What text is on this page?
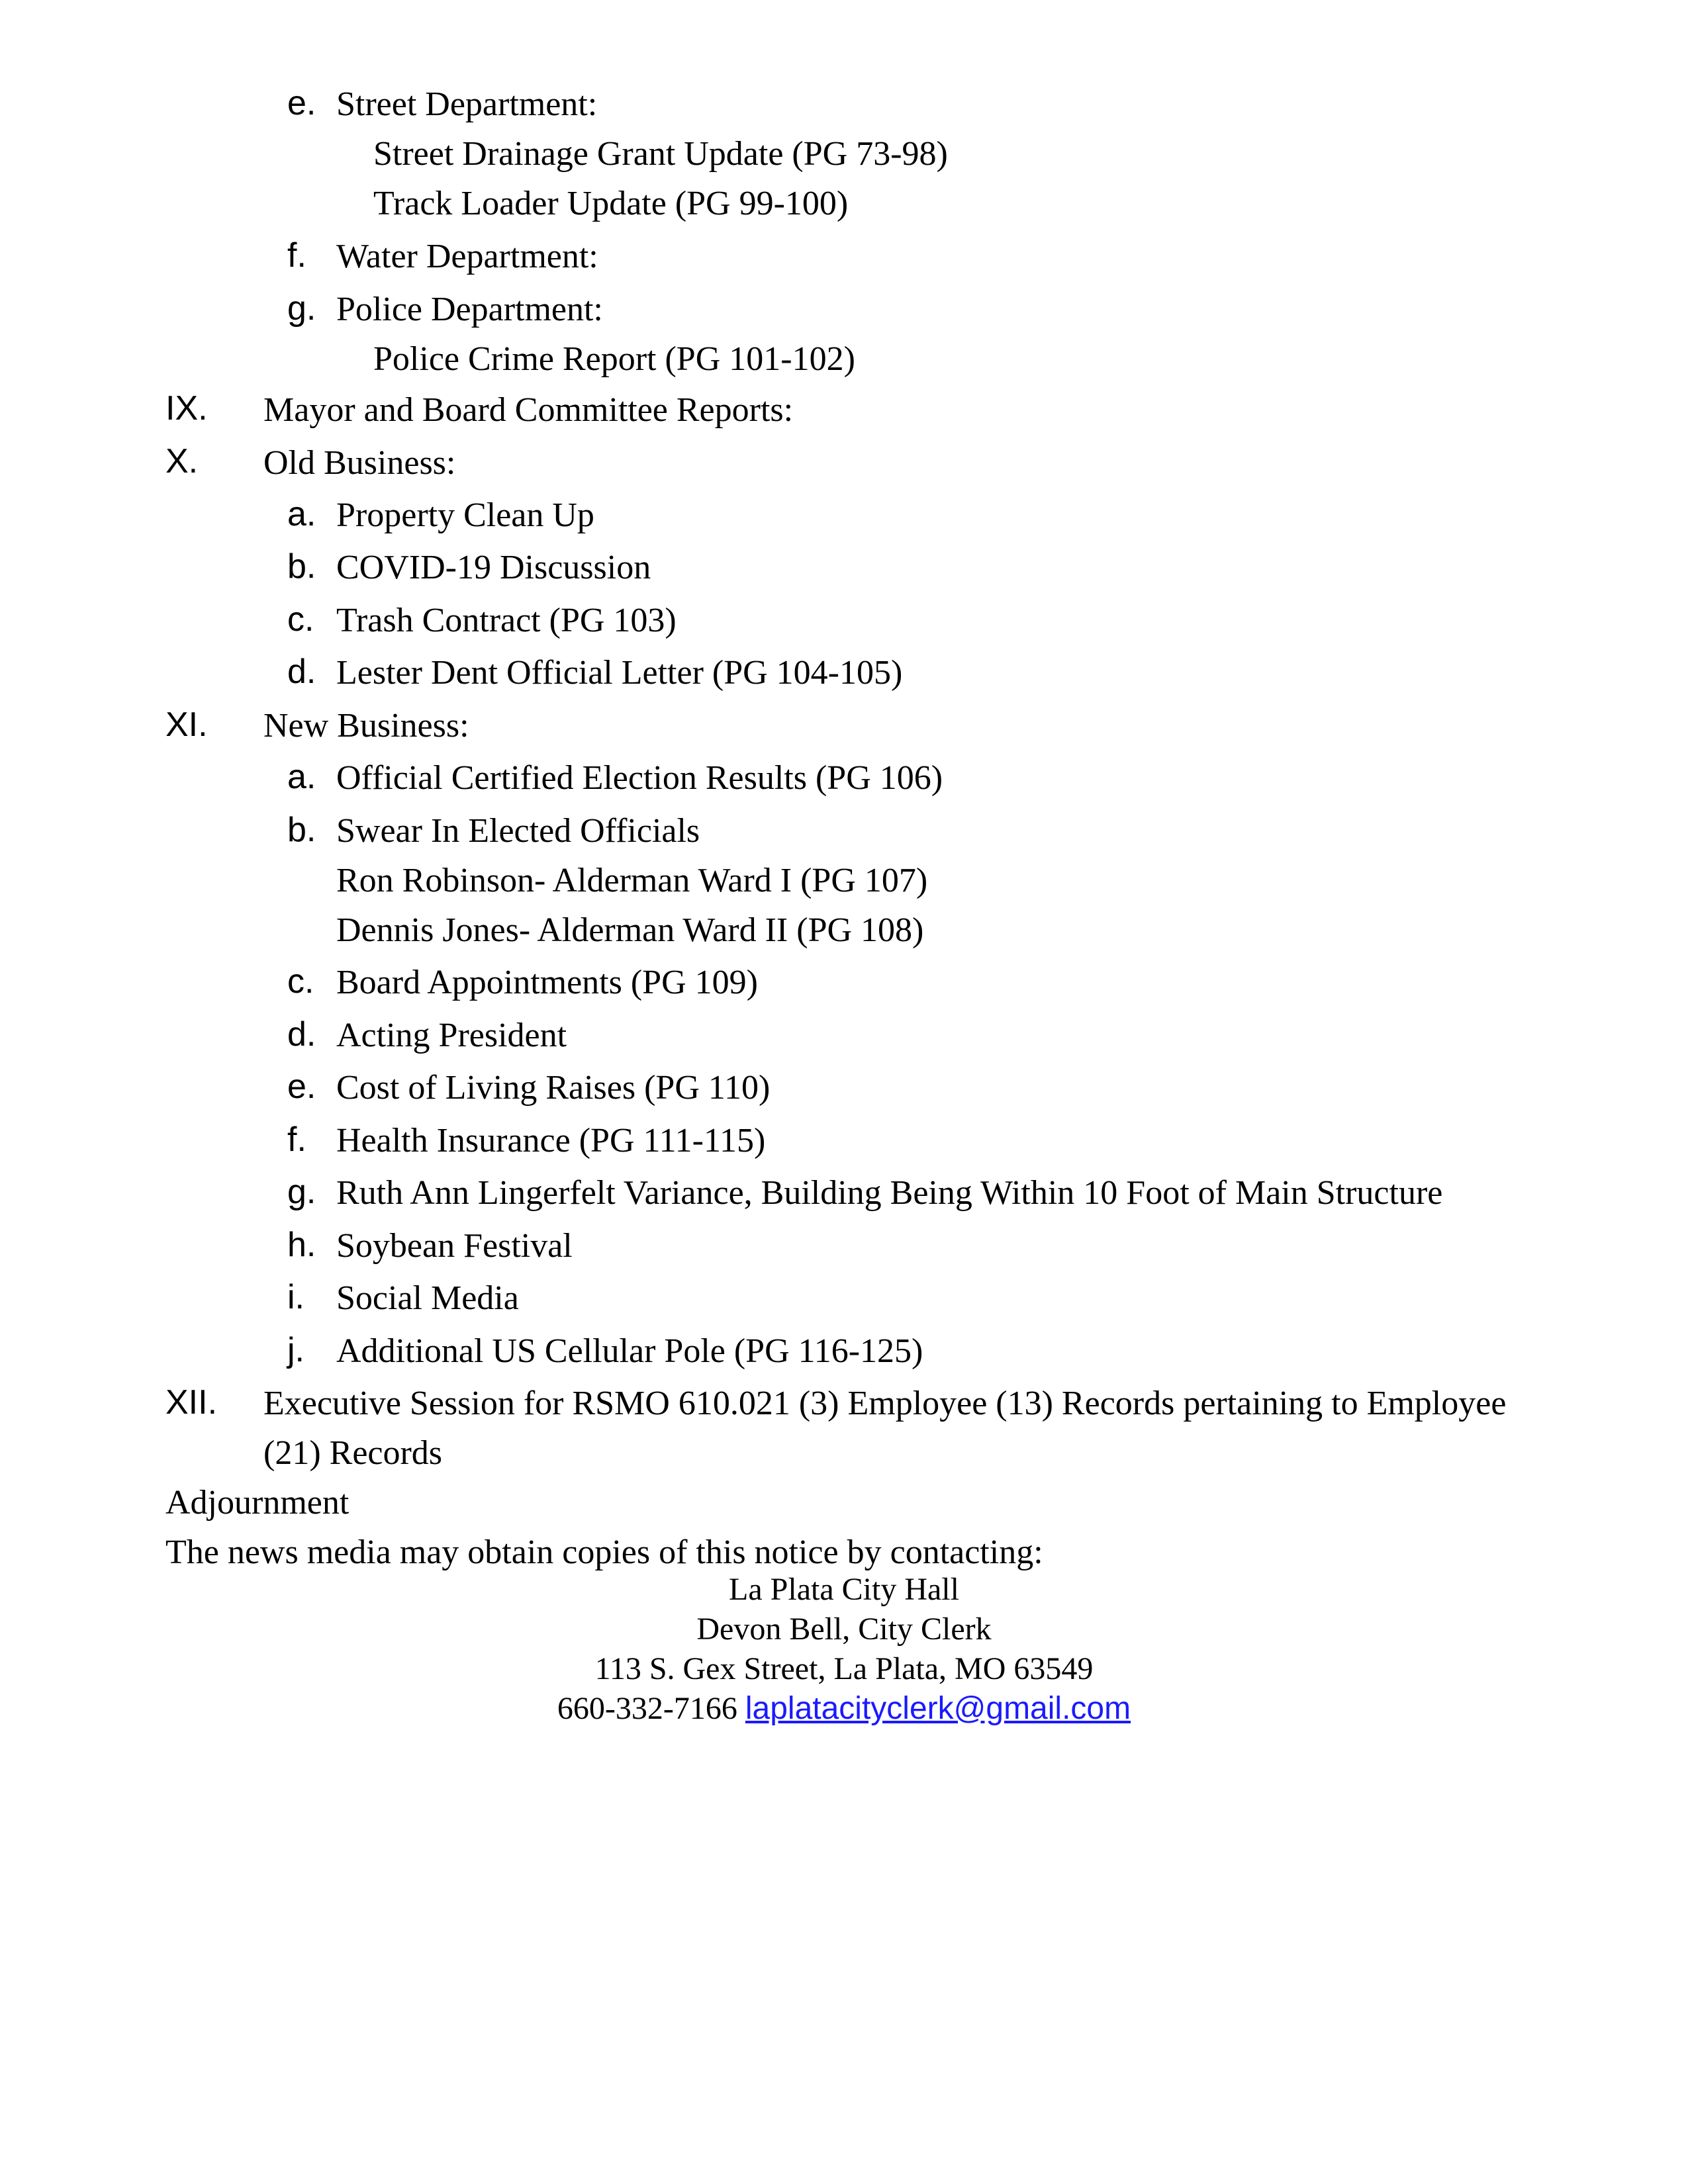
e. Street Department:
Street Drainage Grant Update (PG 73-98)
Track Loader Update (PG 99-100)
f. Water Department:
g. Police Department:
Police Crime Report (PG 101-102)
IX. Mayor and Board Committee Reports:
X. Old Business:
a. Property Clean Up
b. COVID-19 Discussion
c. Trash Contract (PG 103)
d. Lester Dent Official Letter (PG 104-105)
XI. New Business:
a. Official Certified Election Results (PG 106)
b. Swear In Elected Officials
Ron Robinson- Alderman Ward I (PG 107)
Dennis Jones- Alderman Ward II (PG 108)
c. Board Appointments (PG 109)
d. Acting President
e. Cost of Living Raises (PG 110)
f. Health Insurance (PG 111-115)
g. Ruth Ann Lingerfelt Variance, Building Being Within 10 Foot of Main Structure
h. Soybean Festival
i. Social Media
j. Additional US Cellular Pole (PG 116-125)
XII. Executive Session for RSMO 610.021 (3) Employee (13) Records pertaining to Employee
(21) Records
Adjournment
The news media may obtain copies of this notice by contacting:
La Plata City Hall
Devon Bell, City Clerk
113 S. Gex Street, La Plata, MO 63549
660-332-7166 laplatacityclerk@gmail.com
